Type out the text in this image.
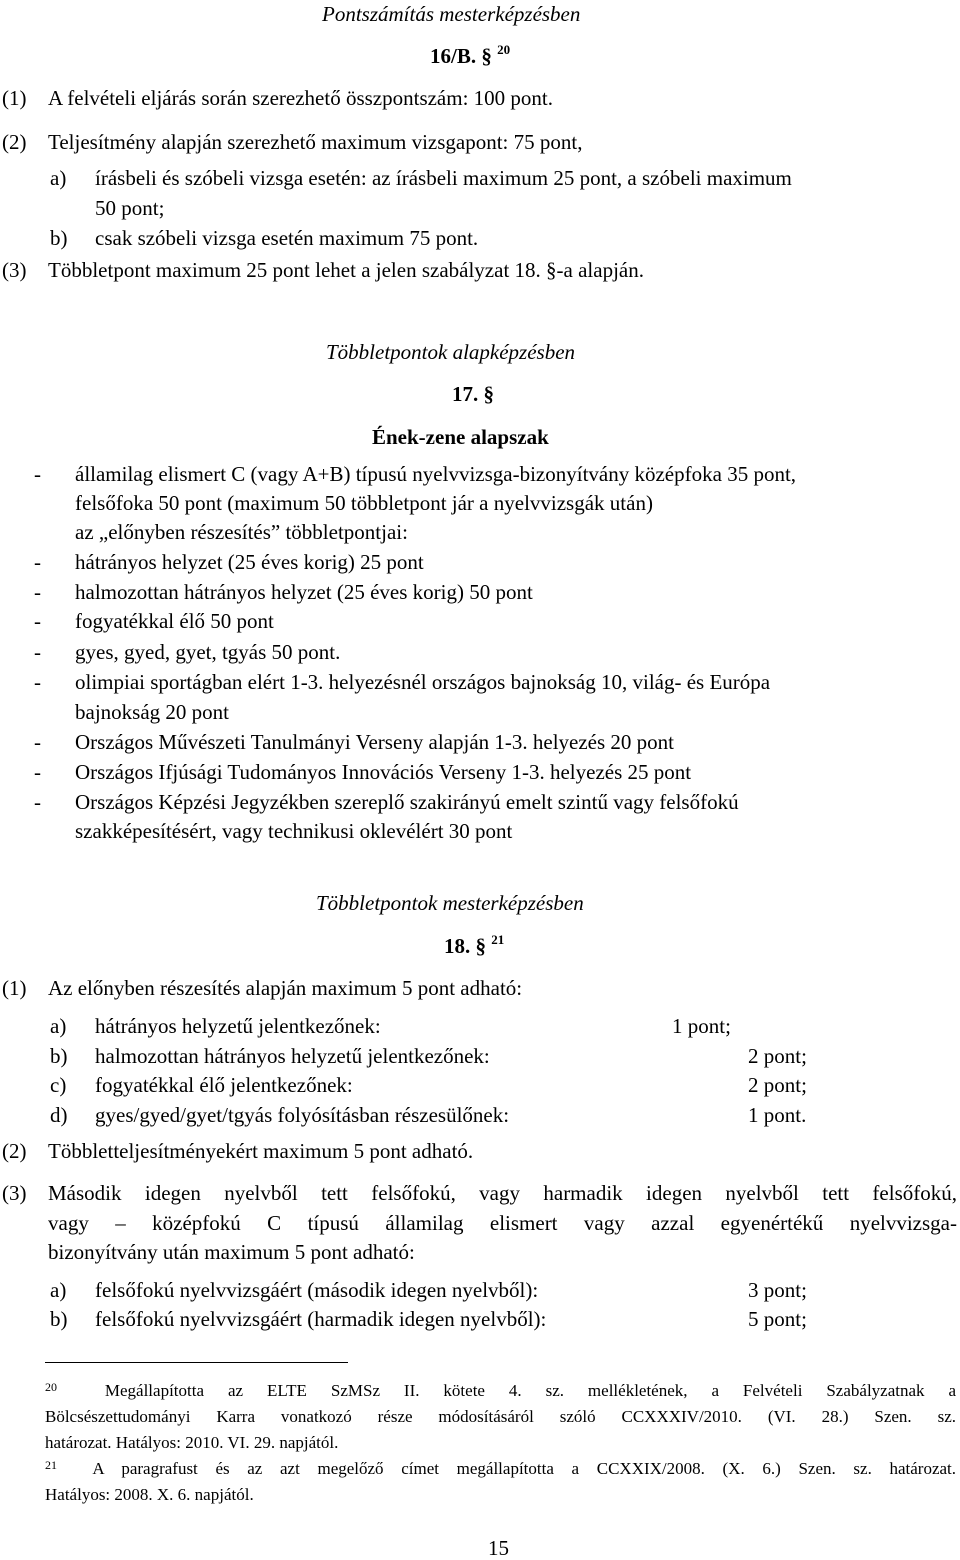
Pontszámítás mesterképzésben
16/B. § $^{20}$
(1) A felvételi eljárás során szerezhető összpontszám: 100 pont.
(2) Teljesítmény alapján szerezhető maximum vizsgapont: 75 pont,
a) írásbeli és szóbeli vizsga esetén: az írásbeli maximum 25 pont, a szóbeli maximum
50 pont;
b) csak szóbeli vizsga esetén maximum 75 pont.
(3) Többletpont maximum 25 pont lehet a jelen szabályzat 18. §-a alapján.
Többletpontok alapképzésben
17. §
Ének-zene alapszak
- államilag elismert C (vagy A+B) típusú nyelvvizsga-bizonyítvány középfoka 35 pont,
felsőfoka 50 pont (maximum 50 többletpont jár a nyelvvizsgák után)
az „előnyben részesítés” többletpontjai:
- hátrányos helyzet (25 éves korig) 25 pont
- halmozottan hátrányos helyzet (25 éves korig) 50 pont
- fogyatékkal élő 50 pont
- gyes, gyed, gyet, tgyás 50 pont.
- olimpiai sportágban elért 1-3. helyezésnél országos bajnokság 10, világ- és Európa
bajnokság 20 pont
- Országos Művészeti Tanulmányi Verseny alapján 1-3. helyezés 20 pont
- Országos Ifjúsági Tudományos Innovációs Verseny 1-3. helyezés 25 pont
- Országos Képzési Jegyzékben szereplő szakirányú emelt szintű vagy felsőfokú
szakképesítésért, vagy technikusi oklevélért 30 pont
Többletpontok mesterképzésben
18. § $^{21}$
(1) Az előnyben részesítés alapján maximum 5 pont adható:
a) hátrányos helyzetű jelentkezőnek:	1 pont;
b) halmozottan hátrányos helyzetű jelentkezőnek:	2 pont;
c) fogyatékkal élő jelentkezőnek:	2 pont;
d) gyes/gyed/gyet/tgyás folyósításban részesülőnek:	1 pont.
(2) Többletteljesítményekért maximum 5 pont adható.
(3) Második idegen nyelvből tett felsőfokú, vagy harmadik idegen nyelvből tett felsőfokú,
vagy – középfokú C típusú államilag elismert vagy azzal egyenértékű nyelvvizsga-
bizonyítvány után maximum 5 pont adható:
a) felsőfokú nyelvvizsgáért (második idegen nyelvből):	3 pont;
b) felsőfokú nyelvvizsgáért (harmadik idegen nyelvből):	5 pont;
$^{20}$	Megállapította az ELTE SzMSz II. kötete 4. sz. mellékletének, a Felvételi Szabályzatnak a
Bölcsészettudományi Karra vonatkozó része módosításáról szóló CCXXXIV/2010. (VI. 28.) Szen. sz.
határozat. Hatályos: 2010. VI. 29. napjától.
$^{21}$ A paragrafust és az azt megelőző címet megállapította a CCXXIX/2008. (X. 6.) Szen. sz. határozat.
Hatályos: 2008. X. 6. napjától.
15
